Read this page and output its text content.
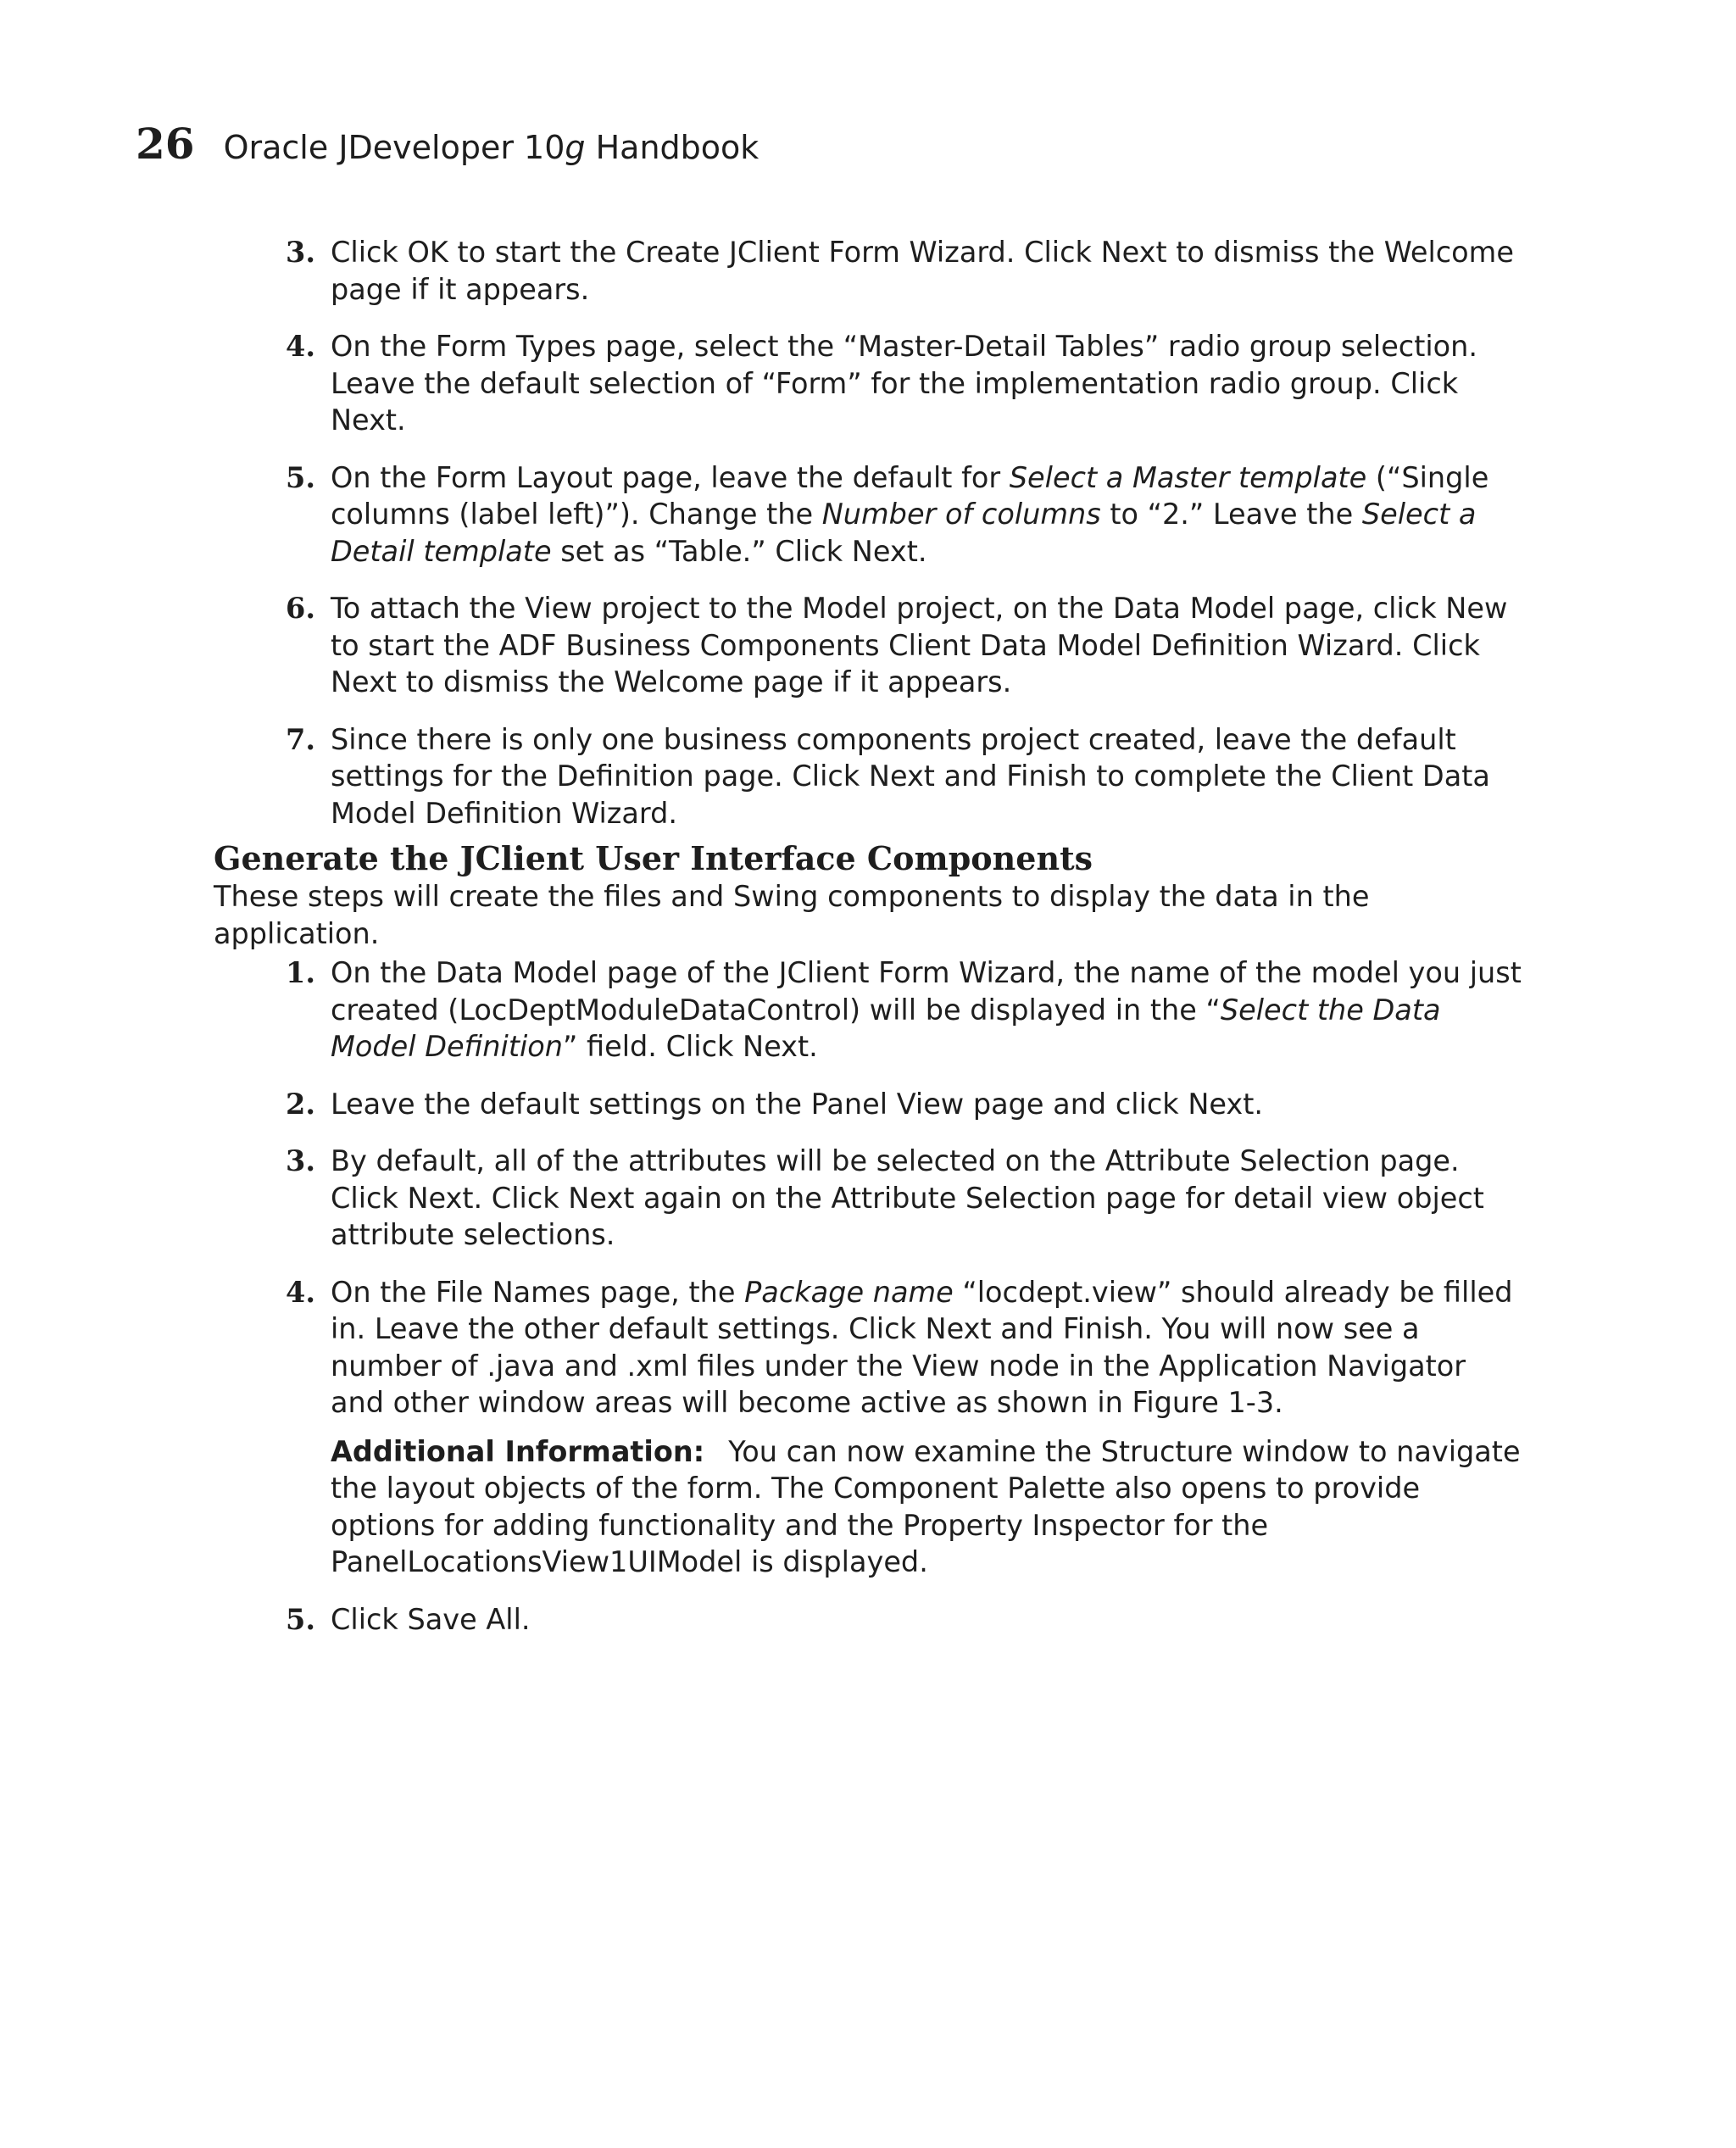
26 Oracle JDeveloper 10g Handbook
3. Click OK to start the Create JClient Form Wizard. Click Next to dismiss the Welcome page if it appears.
4. On the Form Types page, select the “Master-Detail Tables” radio group selection. Leave the default selection of “Form” for the implementation radio group. Click Next.
5. On the Form Layout page, leave the default for Select a Master template (“Single columns (label left)”). Change the Number of columns to “2.” Leave the Select a Detail template set as “Table.” Click Next.
6. To attach the View project to the Model project, on the Data Model page, click New to start the ADF Business Components Client Data Model Definition Wizard. Click Next to dismiss the Welcome page if it appears.
7. Since there is only one business components project created, leave the default settings for the Definition page. Click Next and Finish to complete the Client Data Model Definition Wizard.
Generate the JClient User Interface Components

These steps will create the files and Swing components to display the data in the application.

1. On the Data Model page of the JClient Form Wizard, the name of the model you just created (LocDeptModuleDataControl) will be displayed in the “Select the Data Model Definition” field. Click Next.
2. Leave the default settings on the Panel View page and click Next.
3. By default, all of the attributes will be selected on the Attribute Selection page. Click Next. Click Next again on the Attribute Selection page for detail view object attribute selections.
4. On the File Names page, the Package name “locdept.view” should already be filled in. Leave the other default settings. Click Next and Finish. You will now see a number of .java and .xml files under the View node in the Application Navigator and other window areas will become active as shown in Figure 1-3.
Additional Information: You can now examine the Structure window to navigate the layout objects of the form. The Component Palette also opens to provide options for adding functionality and the Property Inspector for the PanelLocationsView1UIModel is displayed.
5. Click Save All.
